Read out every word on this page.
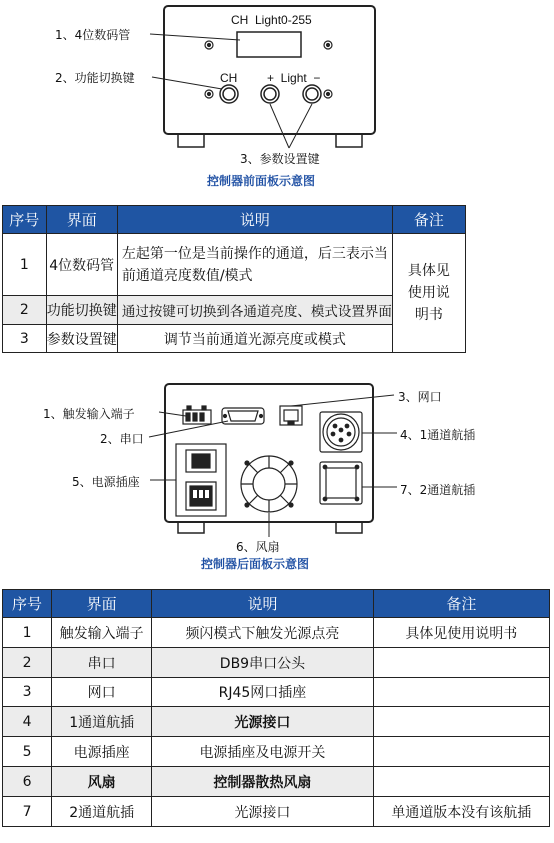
CH  Light0-255
CH +  Light  −
1、4位数码管
2、功能切换键
3、参数设置键
控制器前面板示意图
序号	界面	说明	备注
1	4位数码管	左起第一位是当前操作的通道，后三表示当前通道亮度数值/模式	具体见使用说明书
2	功能切换键	通过按键可切换到各通道亮度、模式设置界面	
3	参数设置键	调节当前通道光源亮度或模式	
1、触发输入端子
2、串口
3、网口
4、1通道航插
5、电源插座
6、风扇
7、2通道航插
控制器后面板示意图
序号	界面	说明	备注
1	触发输入端子	频闪模式下触发光源点亮	具体见使用说明书
2	串口	DB9串口公头	
3	网口	RJ45网口插座	
4	1通道航插	光源接口	
5	电源插座	电源插座及电源开关	
6	风扇	控制器散热风扇	
7	2通道航插	光源接口	单通道版本没有该航插
